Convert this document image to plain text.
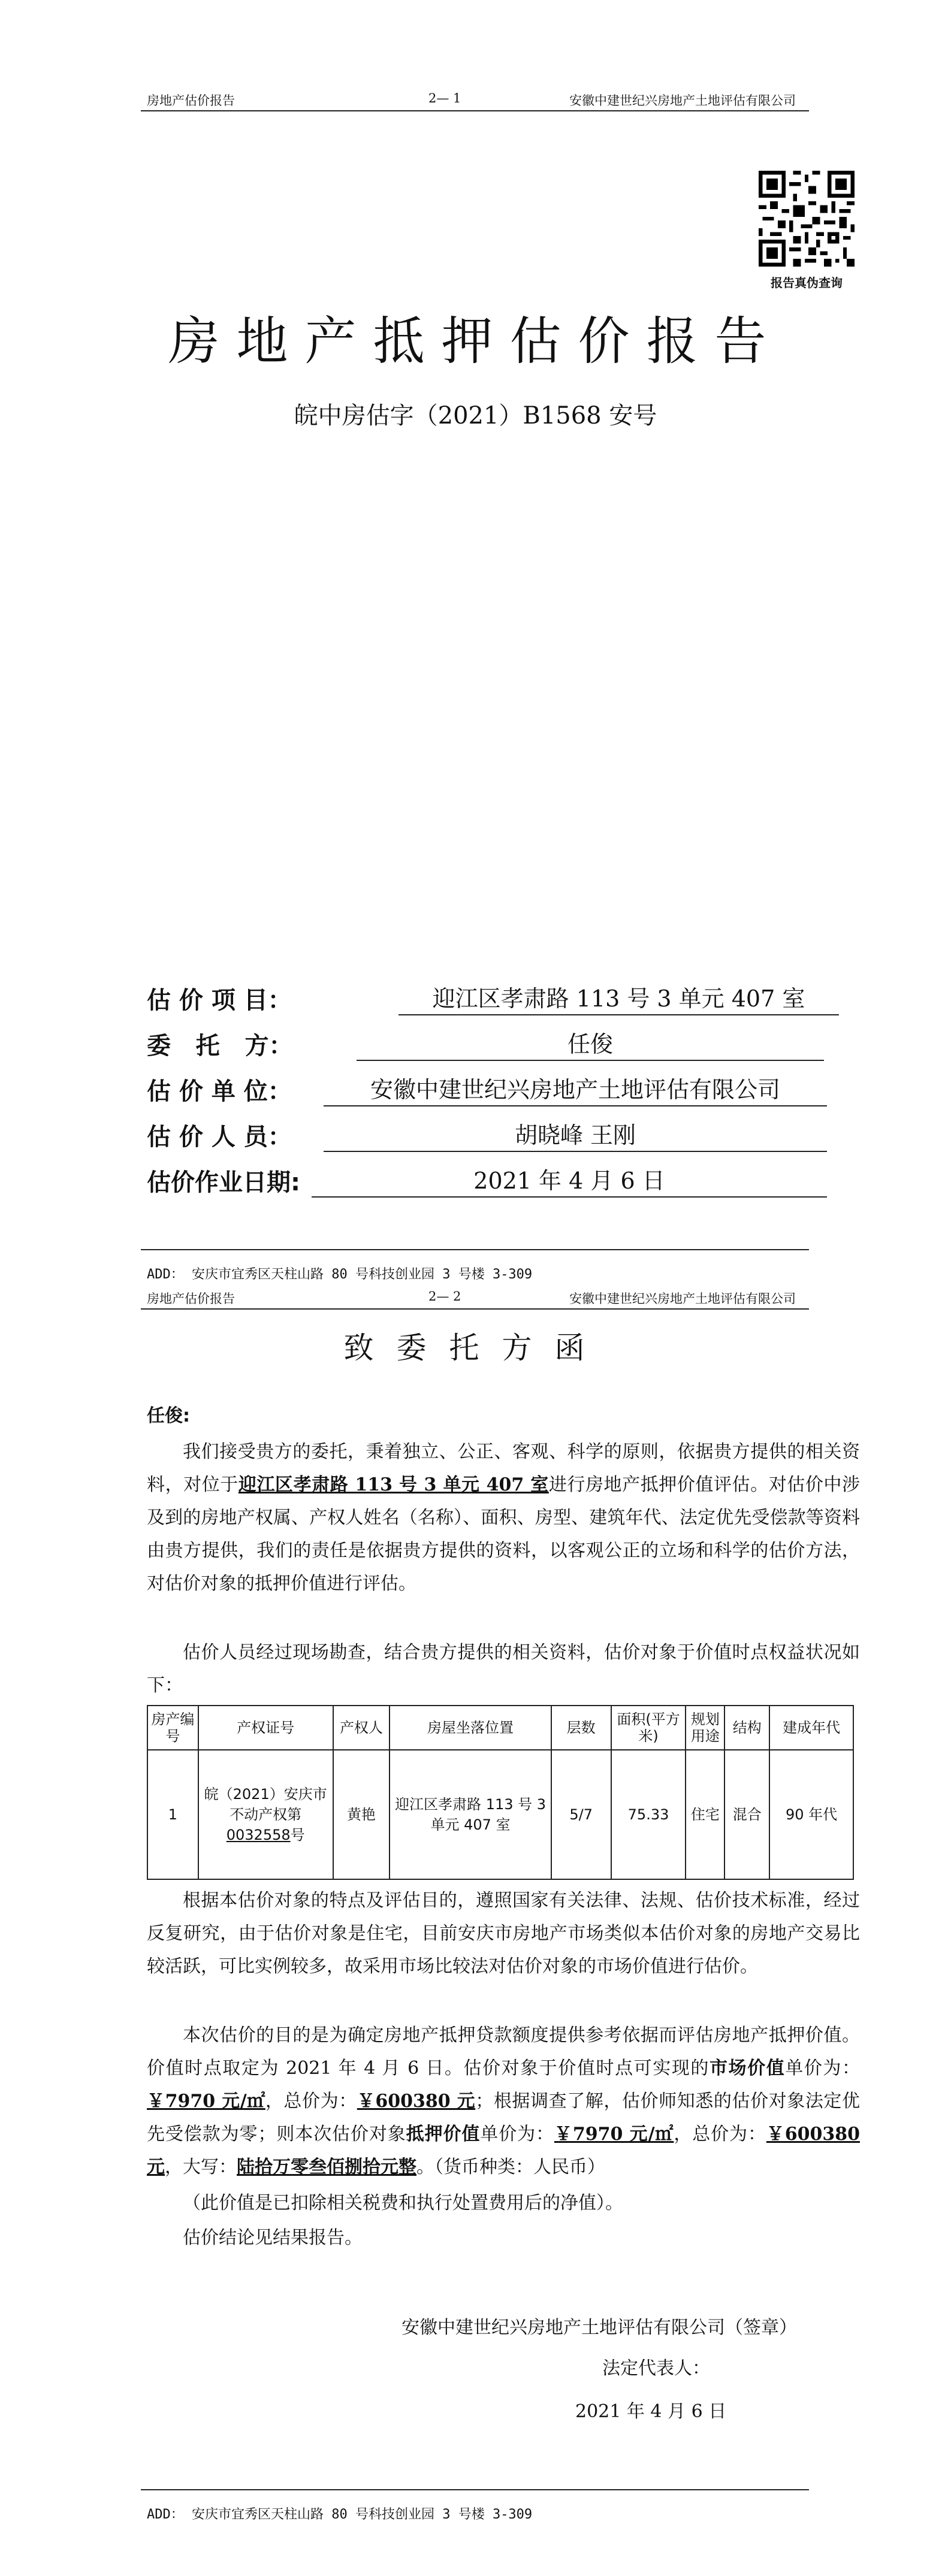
房地产估价报告	2— 1	安徽中建世纪兴房地产土地评估有限公司
报告真伪查询
房地产抵押估价报告
皖中房估字（2021）B1568 安号
估 价 项 目：	迎江区孝肃路 113 号 3 单元 407 室
委   托   方：	任俊
估 价 单 位：	安徽中建世纪兴房地产土地评估有限公司
估 价 人 员：	胡晓峰 王刚
估价作业日期:	2021 年 4 月 6 日
ADD： 安庆市宜秀区天柱山路 80 号科技创业园 3 号楼 3-309
房地产估价报告	2— 2	安徽中建世纪兴房地产土地评估有限公司
致委托方函
任俊:

我们接受贵方的委托，秉着独立、公正、客观、科学的原则，依据贵方提供的相关资料，对位于迎江区孝肃路 113 号 3 单元 407 室进行房地产抵押价值评估。对估价中涉及到的房地产权属、产权人姓名（名称）、面积、房型、建筑年代、法定优先受偿款等资料由贵方提供，我们的责任是依据贵方提供的资料，以客观公正的立场和科学的估价方法，对估价对象的抵押价值进行评估。

估价人员经过现场勘查，结合贵方提供的相关资料，估价对象于价值时点权益状况如下：

房产编号	产权证号	产权人	房屋坐落位置	层数	面积(平方米)	规划用途	结构	建成年代
1	皖（2021）安庆市不动产权第0032558号	黄艳	迎江区孝肃路 113 号 3 单元 407 室	5/7	75.33	住宅	混合	90 年代

根据本估价对象的特点及评估目的，遵照国家有关法律、法规、估价技术标准，经过反复研究，由于估价对象是住宅，目前安庆市房地产市场类似本估价对象的房地产交易比较活跃，可比实例较多，故采用市场比较法对估价对象的市场价值进行估价。

本次估价的目的是为确定房地产抵押贷款额度提供参考依据而评估房地产抵押价值。价值时点取定为 2021 年 4 月 6 日。估价对象于价值时点可实现的市场价值单价为：￥7970 元/㎡，总价为：￥600380 元；根据调查了解，估价师知悉的估价对象法定优先受偿款为零；则本次估价对象抵押价值单价为：￥7970 元/㎡，总价为：￥600380 元，大写：陆拾万零叁佰捌拾元整。（货币种类：人民币）

（此价值是已扣除相关税费和执行处置费用后的净值）。

估价结论见结果报告。

安徽中建世纪兴房地产土地评估有限公司（签章）
法定代表人：
2021 年 4 月 6 日
ADD： 安庆市宜秀区天柱山路 80 号科技创业园 3 号楼 3-309
